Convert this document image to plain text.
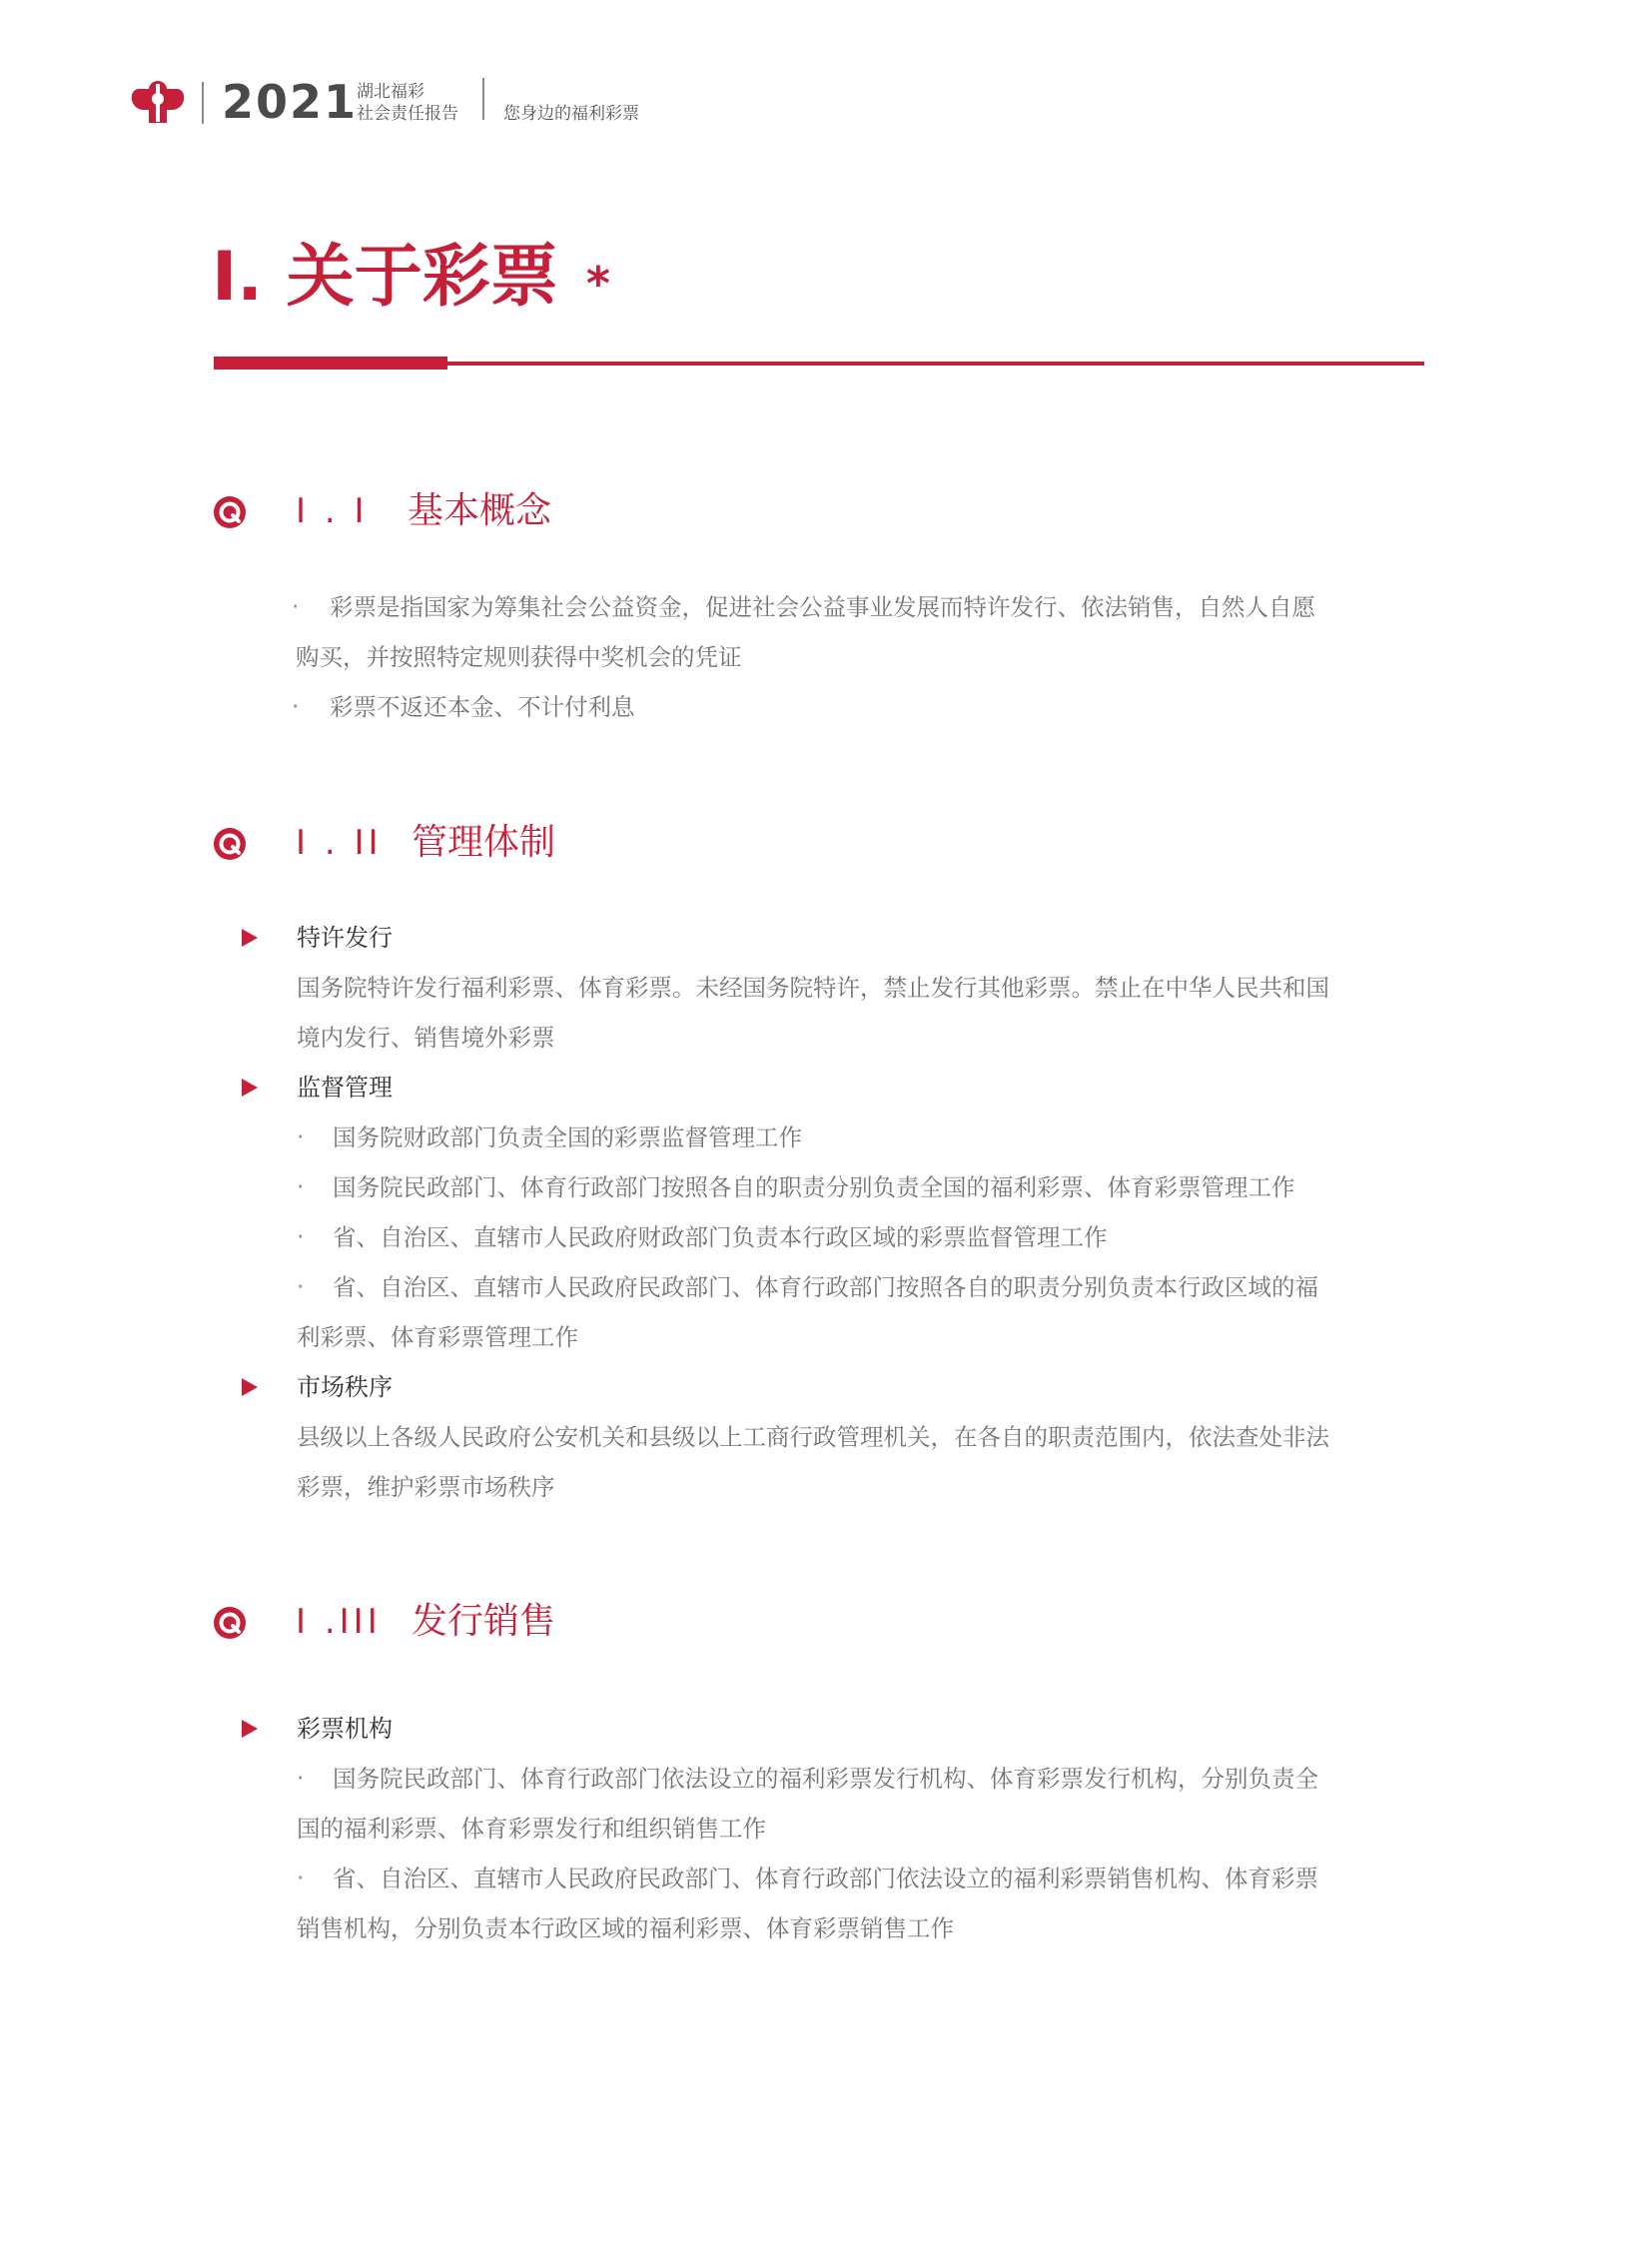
2021
湖北福彩
社会责任报告	您身边的福利彩票
I. 关于彩票 *
I . I 基本概念
· 彩票是指国家为筹集社会公益资金，促进社会公益事业发展而特许发行、依法销售，自然人自愿
购买，并按照特定规则获得中奖机会的凭证
· 彩票不返还本金、不计付利息
I . II 管理体制
特许发行
国务院特许发行福利彩票、体育彩票。未经国务院特许，禁止发行其他彩票。禁止在中华人民共和国
境内发行、销售境外彩票
监督管理
· 国务院财政部门负责全国的彩票监督管理工作
· 国务院民政部门、体育行政部门按照各自的职责分别负责全国的福利彩票、体育彩票管理工作
· 省、自治区、直辖市人民政府财政部门负责本行政区域的彩票监督管理工作
· 省、自治区、直辖市人民政府民政部门、体育行政部门按照各自的职责分别负责本行政区域的福
利彩票、体育彩票管理工作
市场秩序
县级以上各级人民政府公安机关和县级以上工商行政管理机关，在各自的职责范围内，依法查处非法
彩票，维护彩票市场秩序
I .III 发行销售
彩票机构
· 国务院民政部门、体育行政部门依法设立的福利彩票发行机构、体育彩票发行机构，分别负责全
国的福利彩票、体育彩票发行和组织销售工作
· 省、自治区、直辖市人民政府民政部门、体育行政部门依法设立的福利彩票销售机构、体育彩票
销售机构，分别负责本行政区域的福利彩票、体育彩票销售工作
